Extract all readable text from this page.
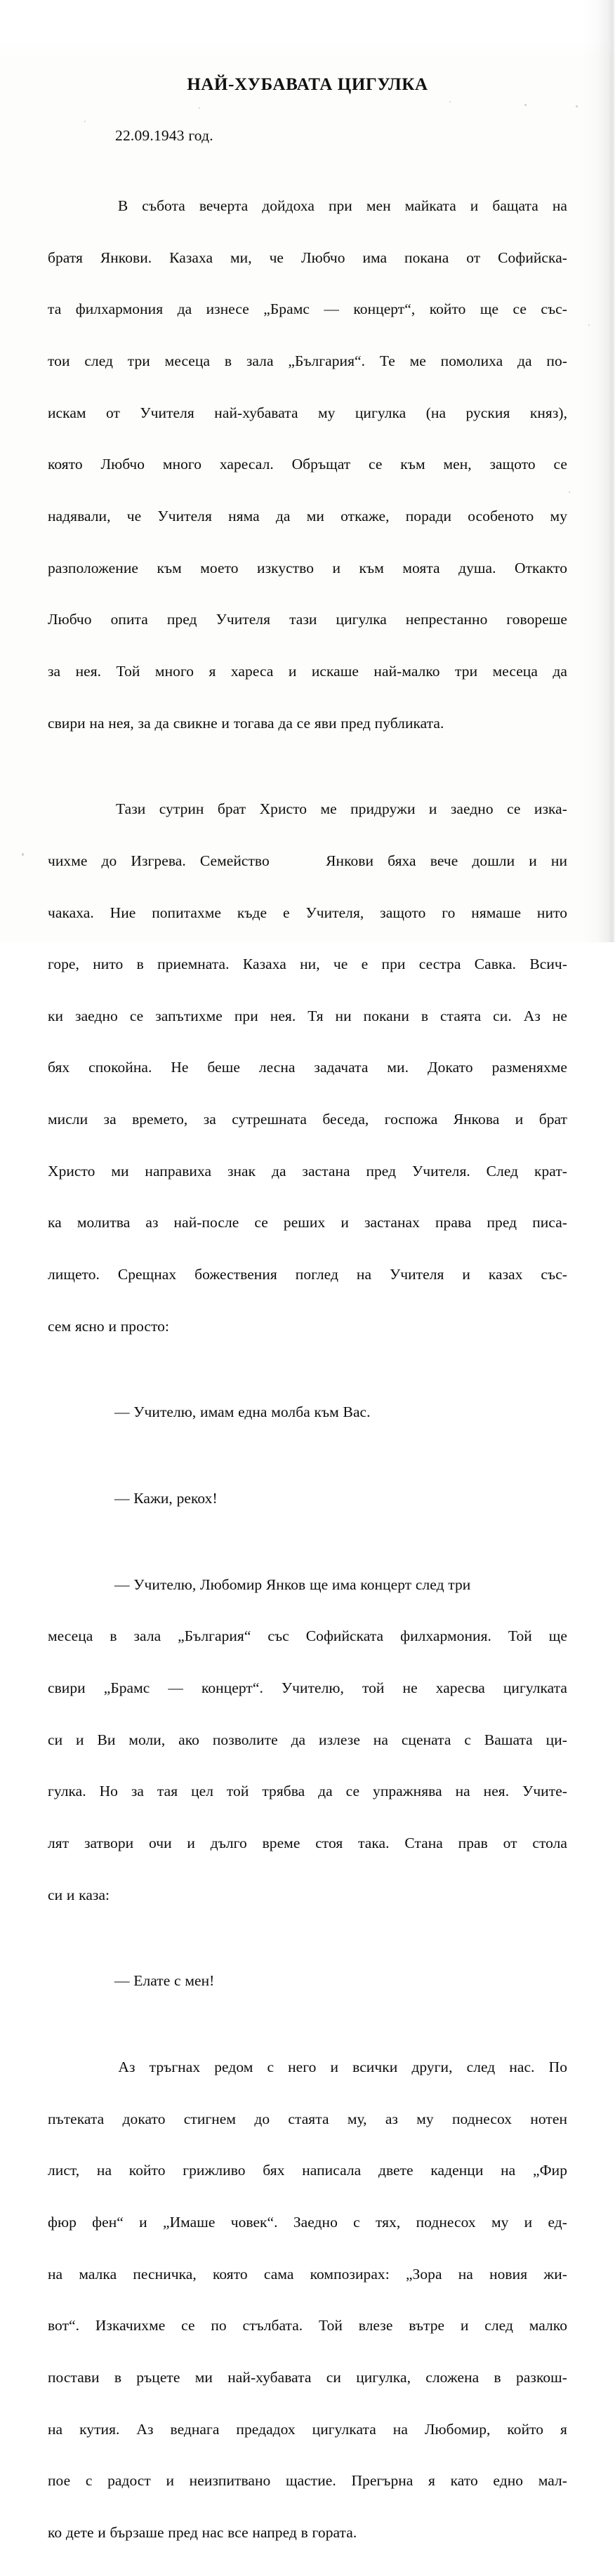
НАЙ-ХУБАВАТА ЦИГУЛКА
22.09.1943 год.

В събота вечерта дойдоха при мен майката и бащата на

братя Янкови. Казаха ми, че Любчо има покана от Софийска-

та филхармония да изнесе „Брамс — концерт“, който ще се със-

тои след три месеца в зала „България“. Те ме помолиха да по-

искам от Учителя най-хубавата му цигулка (на руския княз),

която Любчо много харесал. Обръщат се към мен, защото се

надявали, че Учителя няма да ми откаже, поради особеното му

разположение към моето изкуство и към моята душа. Откакто

Любчо опита пред Учителя тази цигулка непрестанно говореше

за нея. Той много я хареса и искаше най-малко три месеца да

свири на нея, за да свикне и тогава да се яви пред публиката.

Тази сутрин брат Христо ме придружи и заедно се изка-

чихме до Изгрева. Семейство    Янкови бяха вече дошли и ни

чакаха. Ние попитахме къде е Учителя, защото го нямаше нито

горе, нито в приемната. Казаха ни, че е при сестра Савка. Всич-

ки заедно се запътихме при нея. Тя ни покани в стаята си. Аз не

бях спокойна. Не беше лесна задачата ми. Докато разменяхме

мисли за времето, за сутрешната беседа, госпожа Янкова и брат

Христо ми направиха знак да застана пред Учителя. След крат-

ка молитва аз най-после се реших и застанах права пред писа-

лището. Срещнах божествения поглед на Учителя и казах със-

сем ясно и просто:

— Учителю, имам една молба към Вас.

— Кажи, рекох!

— Учителю, Любомир Янков ще има концерт след три

месеца в зала „България“ със Софийската филхармония. Той ще

свири „Брамс — концерт“. Учителю, той не харесва цигулката

си и Ви моли, ако позволите да излезе на сцената с Вашата ци-

гулка. Но за тая цел той трябва да се упражнява на нея. Учите-

лят затвори очи и дълго време стоя така. Стана прав от стола

си и каза:

— Елате с мен!

Аз тръгнах редом с него и всички други, след нас. По

пътеката докато стигнем до стаята му, аз му поднесох нотен

лист, на който грижливо бях написала двете каденци на „Фир

фюр фен“ и „Имаше човек“. Заедно с тях, поднесох му и ед-

на малка песничка, която сама композирах: „Зора на новия жи-

вот“. Изкачихме се по стълбата. Той влезе вътре и след малко

постави в ръцете ми най-хубавата си цигулка, сложена в разкош-

на кутия. Аз веднага предадох цигулката на Любомир, който я

пое с радост и неизпитвано щастие. Прегърна я като едно мал-

ко дете и бързаше пред нас все напред в гората.
